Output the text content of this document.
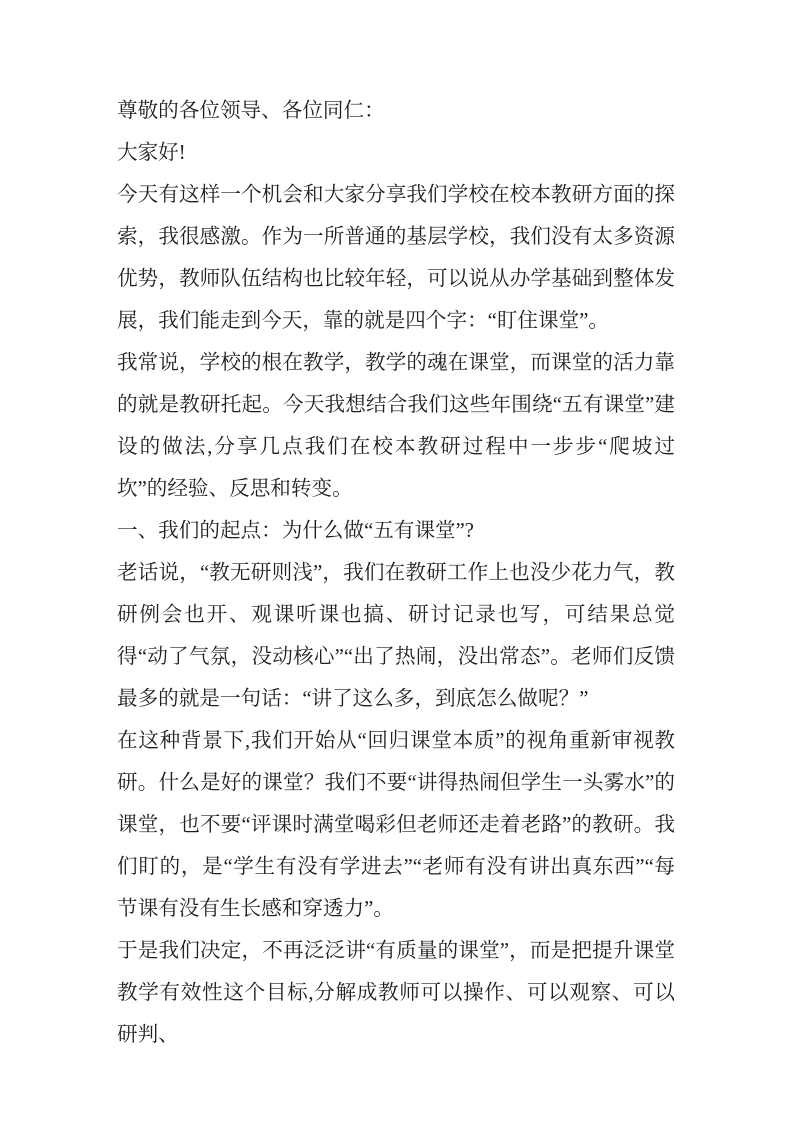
尊敬的各位领导、各位同仁：

大家好!

今天有这样一个机会和大家分享我们学校在校本教研方面的探索，我很感激。作为一所普通的基层学校，我们没有太多资源优势，教师队伍结构也比较年轻，可以说从办学基础到整体发展，我们能走到今天，靠的就是四个字：“盯住课堂”。

我常说，学校的根在教学，教学的魂在课堂，而课堂的活力靠的就是教研托起。今天我想结合我们这些年围绕“五有课堂”建设的做法,分享几点我们在校本教研过程中一步步“爬坡过坎”的经验、反思和转变。

一、我们的起点：为什么做“五有课堂”?

老话说，“教无研则浅”，我们在教研工作上也没少花力气，教研例会也开、观课听课也搞、研讨记录也写，可结果总觉得“动了气氛，没动核心”“出了热闹，没出常态”。老师们反馈最多的就是一句话：“讲了这么多，到底怎么做呢？”

在这种背景下,我们开始从“回归课堂本质”的视角重新审视教研。什么是好的课堂？我们不要“讲得热闹但学生一头雾水”的课堂，也不要“评课时满堂喝彩但老师还走着老路”的教研。我们盯的，是“学生有没有学进去”“老师有没有讲出真东西”“每节课有没有生长感和穿透力”。

于是我们决定，不再泛泛讲“有质量的课堂”，而是把提升课堂教学有效性这个目标,分解成教师可以操作、可以观察、可以研判、
